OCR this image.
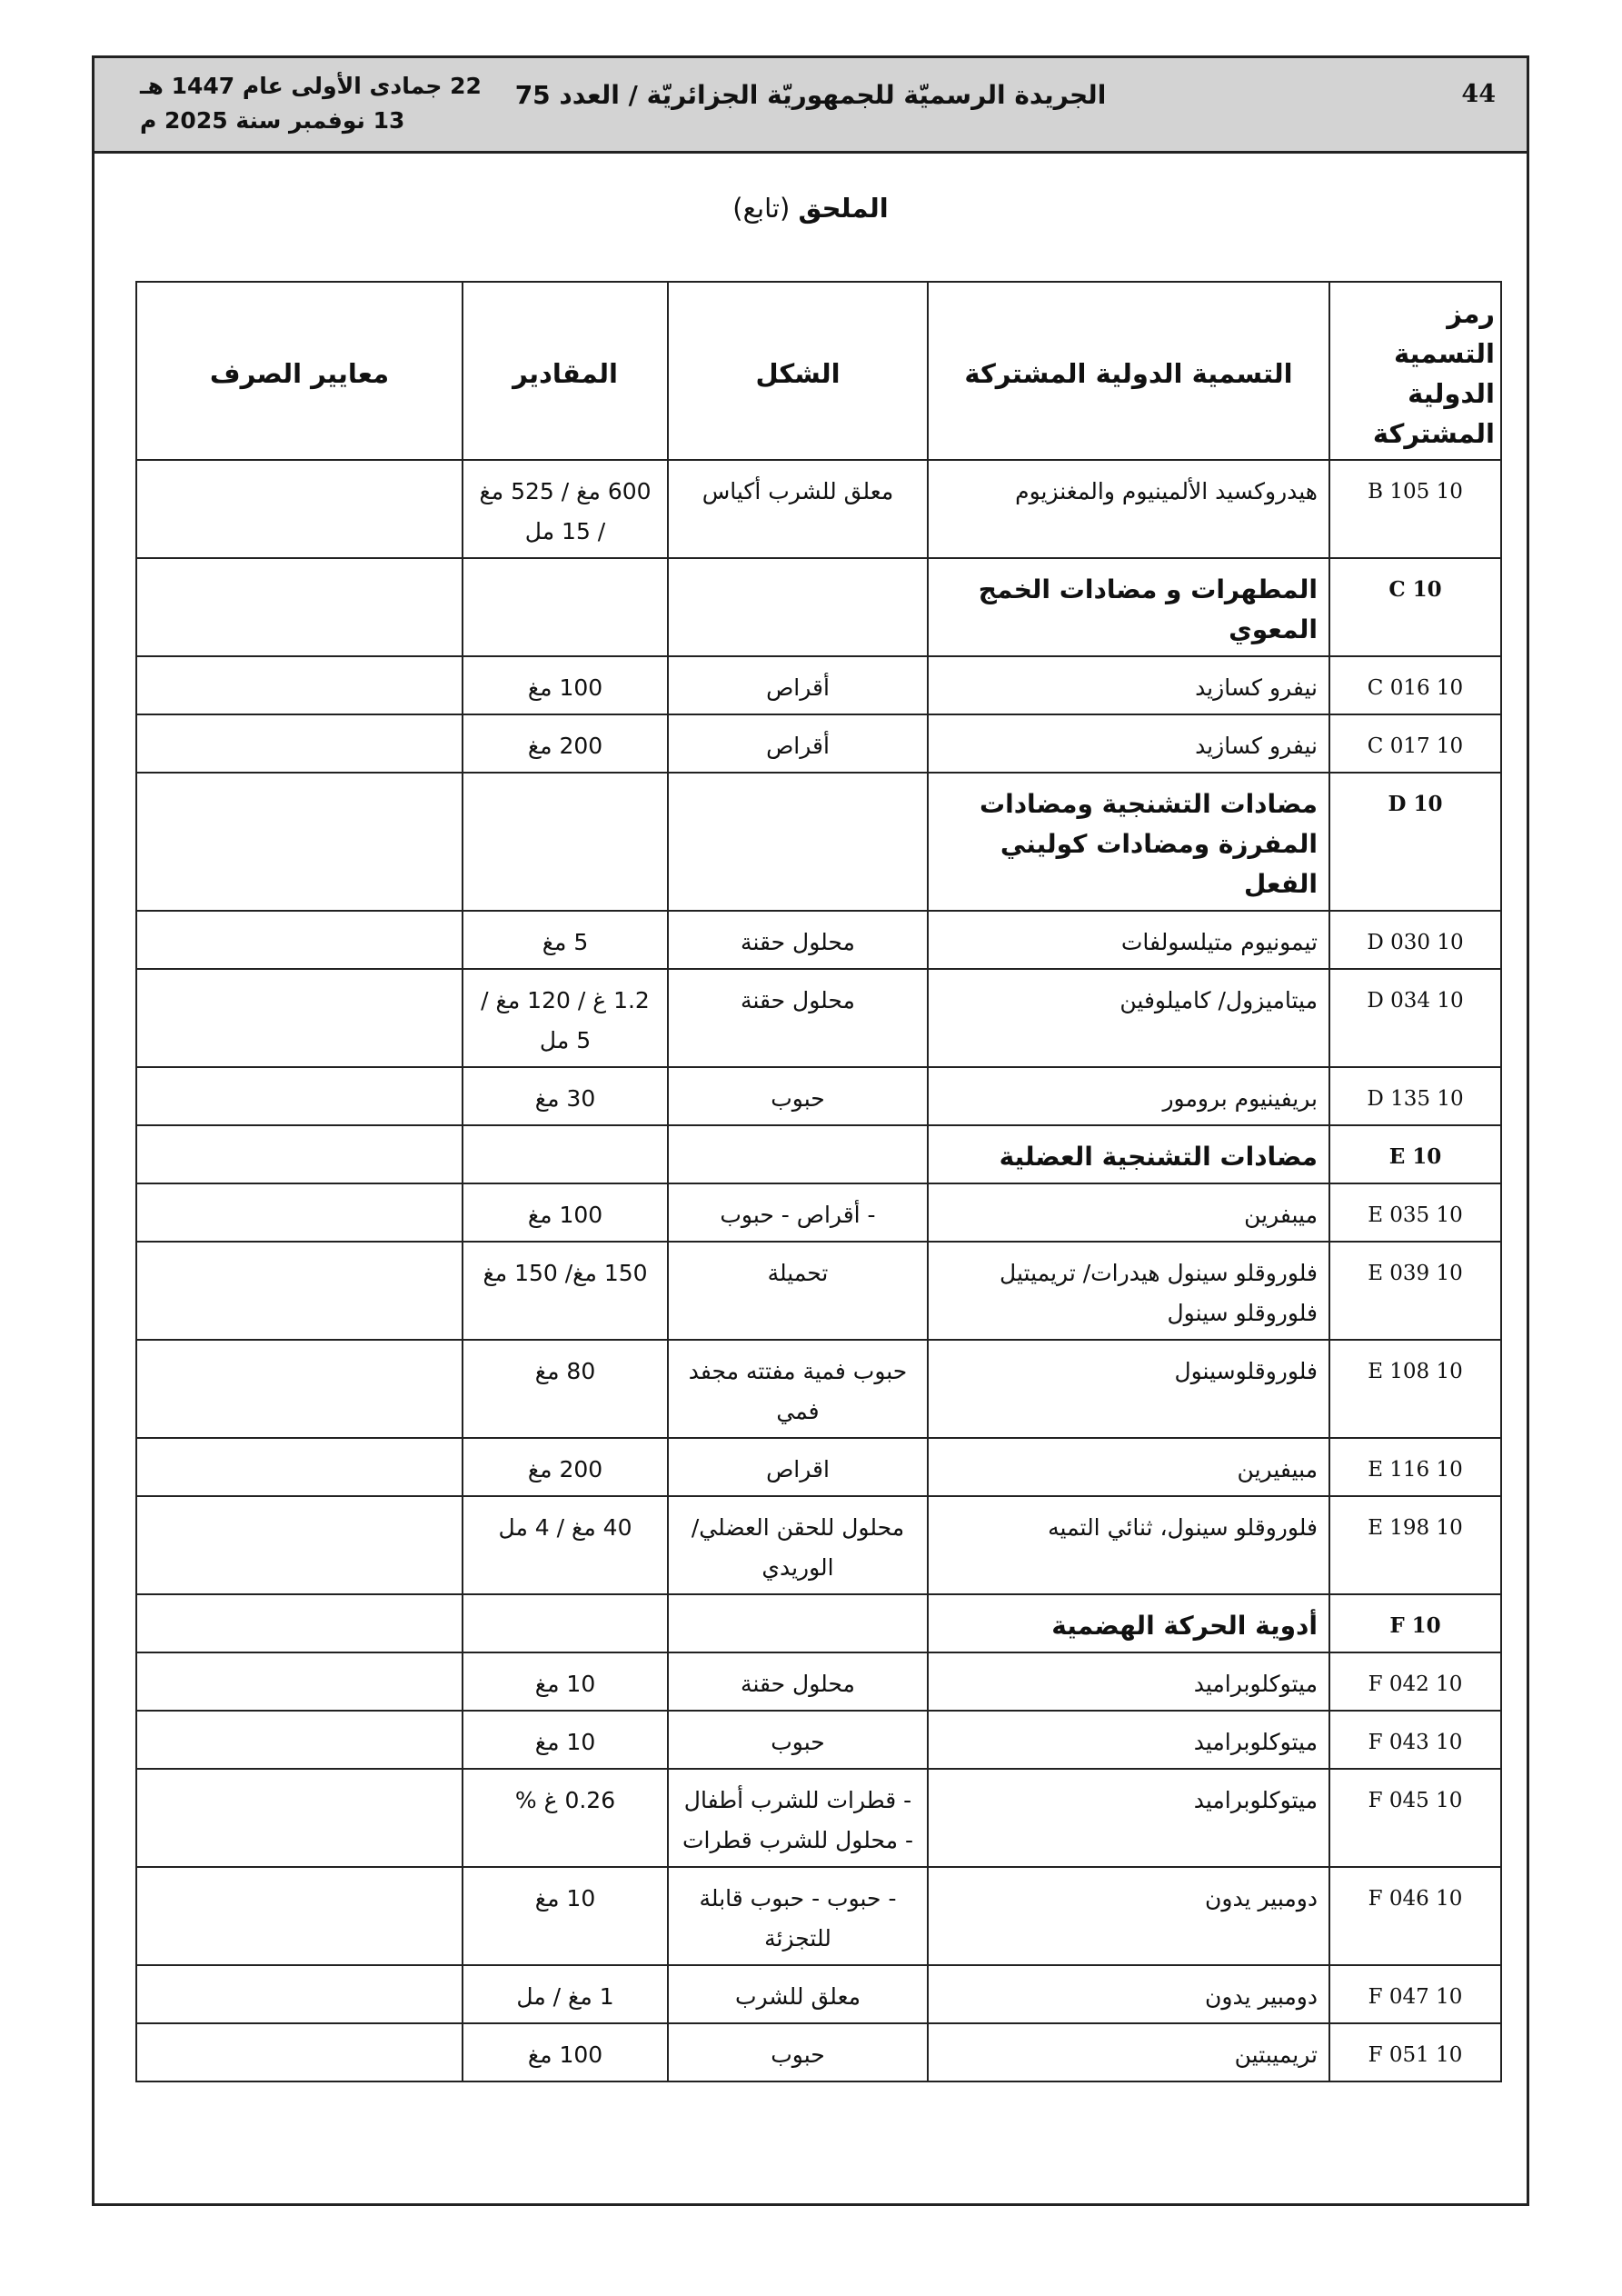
44
الجريدة الرسميّة للجمهوريّة الجزائريّة / العدد 75
22 جمادى الأولى عام 1447 هـ
13 نوفمبر سنة 2025 م
الملحق (تابع)
رمز التسمية الدولية المشتركة	التسمية الدولية المشتركة	الشكل	المقادير	معايير الصرف
10 B 105	هيدروكسيد الألمينيوم والمغنزيوم	معلق للشرب أكياس	600 مغ / 525 مغ / 15 مل	
10 C	المطهرات و مضادات الخمج المعوي			
10 C 016	نيفرو كسازيد	أقراص	100 مغ	
10 C 017	نيفرو كسازيد	أقراص	200 مغ	
10 D	مضادات التشنجية ومضادات المفرزة ومضادات كوليني الفعل			
10 D 030	تيمونيوم متيلسولفات	محلول حقنة	5 مغ	
10 D 034	ميتاميزول/ كاميلوفين	محلول حقنة	1.2 غ / 120 مغ / 5 مل	
10 D 135	بريفينيوم برومور	حبوب	30 مغ	
10 E	مضادات التشنجية العضلية			
10 E 035	ميبفرين	- أقراص - حبوب	100 مغ	
10 E 039	فلوروقلو سينول هيدرات/ تريميتيل فلوروقلو سينول	تحميلة	150 مغ/ 150 مغ	
10 E 108	فلوروقلوسينول	حبوب فمية مفتته مجفد فمي	80 مغ	
10 E 116	مبيفيرين	اقراص	200 مغ	
10 E 198	فلوروقلو سينول، ثنائي التميه	محلول للحقن العضلي/ الوريدي	40 مغ / 4 مل	
10 F	أدوية الحركة الهضمية			
10 F 042	ميتوكلوبراميد	محلول حقنة	10 مغ	
10 F 043	ميتوكلوبراميد	حبوب	10 مغ	
10 F 045	ميتوكلوبراميد	- قطرات للشرب أطفال - محلول للشرب قطرات	0.26 غ %	
10 F 046	دومبير يدون	- حبوب - حبوب قابلة للتجزئة	10 مغ	
10 F 047	دومبير يدون	معلق للشرب	1 مغ / مل	
10 F 051	تريميبتين	حبوب	100 مغ	
